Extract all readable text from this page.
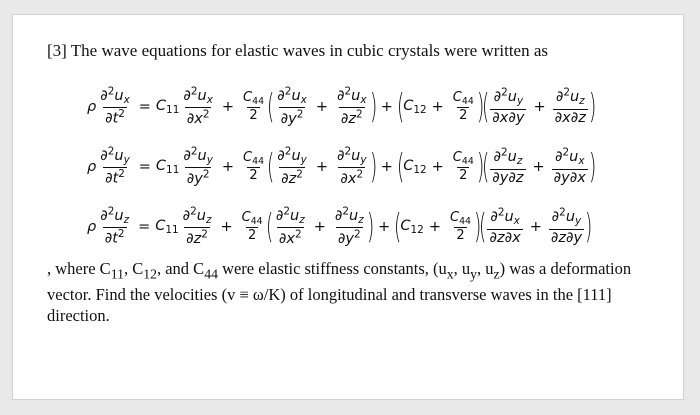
[3] The wave equations for elastic waves in cubic crystals were written as
ρ $\frac{\partial^2u_x}{\partial t^2} = C_{11} \frac{\partial^2u_x}{\partial x^2} + \frac{C_{44}}{2}$ ( $\frac{\partial^2u_x}{\partial y^2} + \frac{\partial^2u_x}{\partial z^2}$ ) + (
$C_{12} + \frac{C_{44}}{2}$ )
( $\frac{\partial^2u_y}{\partial x\partial y} + \frac{\partial^2u_z}{\partial x\partial z}$ )
ρ $\frac{\partial^2u_y}{\partial t^2} = C_{11} \frac{\partial^2u_y}{\partial y^2} + \frac{C_{44}}{2}$ ( $\frac{\partial^2u_y}{\partial z^2} + \frac{\partial^2u_y}{\partial x^2}$ ) + (
$C_{12} + \frac{C_{44}}{2}$ )
( $\frac{\partial^2u_z}{\partial y\partial z} + \frac{\partial^2u_x}{\partial y\partial x}$ )
ρ $\frac{\partial^2u_z}{\partial t^2} = C_{11} \frac{\partial^2u_z}{\partial z^2} + \frac{C_{44}}{2}$ ( $\frac{\partial^2u_z}{\partial x^2} + \frac{\partial^2u_z}{\partial y^2}$ ) + (
$C_{12} + \frac{C_{44}}{2}$ )
( $\frac{\partial^2u_x}{\partial z\partial x} + \frac{\partial^2u_y}{\partial z\partial y}$ )

, where $C_{11}$, $C_{12}$, and $C_{44}$ were elastic stiffness constants, ($u_x$, $u_y$, $u_z$) was a deformation vector. Find the velocities (v ≡ ω/K) of longitudinal and transverse waves in the [111] direction.
